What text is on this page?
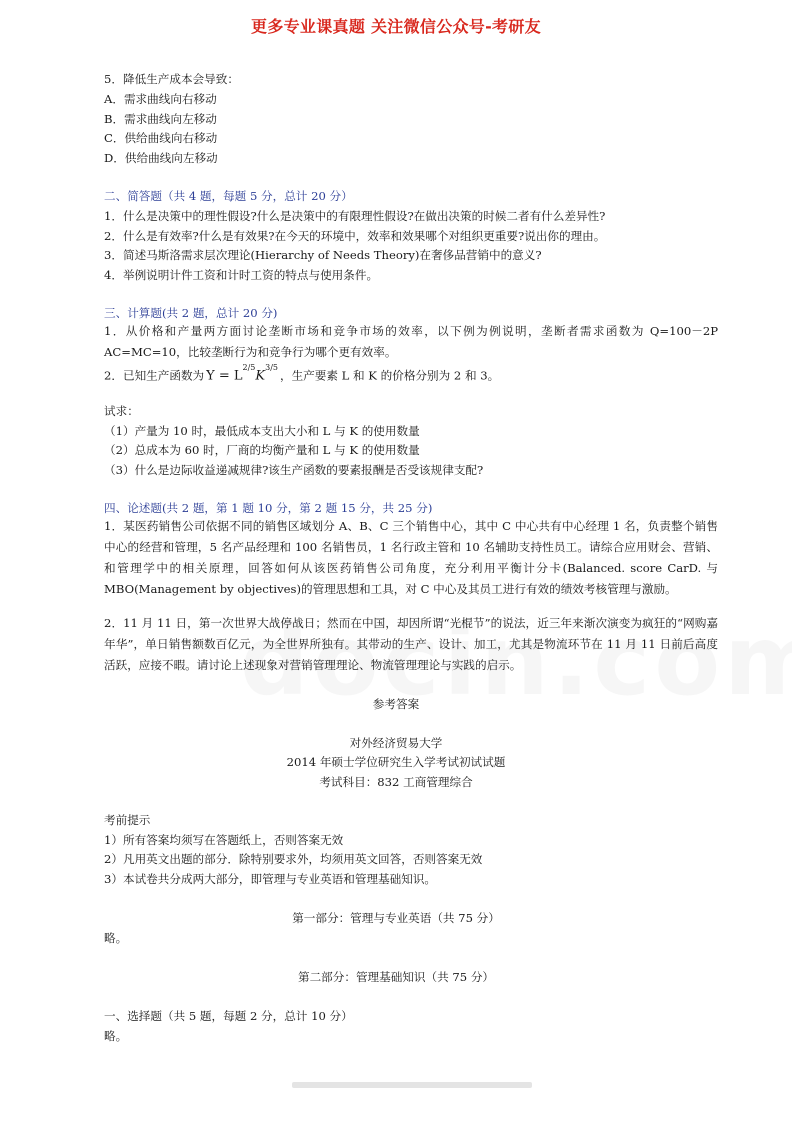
更多专业课真题 关注微信公众号-考研友
5．降低生产成本会导致：
A．需求曲线向右移动
B．需求曲线向左移动
C．供给曲线向右移动
D．供给曲线向左移动
二、简答题（共 4 题，每题 5 分，总计 20 分）
1．什么是决策中的理性假设?什么是决策中的有限理性假设?在做出决策的时候二者有什么差异性?
2．什么是有效率?什么是有效果?在今天的环境中，效率和效果哪个对组织更重要?说出你的理由。
3．简述马斯洛需求层次理论(Hierarchy of Needs Theory)在奢侈品营销中的意义?
4．举例说明计件工资和计时工资的特点与使用条件。
三、计算题(共 2 题，总计 20 分)
1．从价格和产量两方面讨论垄断市场和竞争市场的效率，以下例为例说明，垄断者需求函数为 Q=100－2P AC=MC=10，比较垄断行为和竞争行为哪个更有效率。
2．已知生产函数为 $Y = L^{2/5}K^{3/5}$，生产要素 L 和 K 的价格分别为 2 和 3。
试求：
（1）产量为 10 时，最低成本支出大小和 L 与 K 的使用数量
（2）总成本为 60 时，厂商的均衡产量和 L 与 K 的使用数量
（3）什么是边际收益递减规律?该生产函数的要素报酬是否受该规律支配?
四、论述题(共 2 题，第 1 题 10 分，第 2 题 15 分，共 25 分)
1．某医药销售公司依据不同的销售区域划分 A、B、C 三个销售中心，其中 C 中心共有中心经理 1 名，负责整个销售中心的经营和管理，5 名产品经理和 100 名销售员，1 名行政主管和 10 名辅助支持性员工。请综合应用财会、营销、和管理学中的相关原理，回答如何从该医药销售公司角度，充分利用平衡计分卡(Balanced. score CarD. 与 MBO(Management by objectives)的管理思想和工具，对 C 中心及其员工进行有效的绩效考核管理与激励。
2．11 月 11 日，第一次世界大战停战日；然而在中国，却因所谓“光棍节”的说法，近三年来渐次演变为疯狂的“网购嘉年华”，单日销售额数百亿元，为全世界所独有。其带动的生产、设计、加工，尤其是物流环节在 11 月 11 日前后高度活跃，应接不暇。请讨论上述现象对营销管理理论、物流管理理论与实践的启示。
参考答案
对外经济贸易大学
2014 年硕士学位研究生入学考试初试试题
考试科目：832 工商管理综合
考前提示
1）所有答案均须写在答题纸上，否则答案无效
2）凡用英文出题的部分．除特别要求外，均须用英文回答，否则答案无效
3）本试卷共分成两大部分，即管理与专业英语和管理基础知识。
第一部分：管理与专业英语（共 75 分）
略。
第二部分：管理基础知识（共 75 分）
一、选择题（共 5 题，每题 2 分，总计 10 分）
略。
